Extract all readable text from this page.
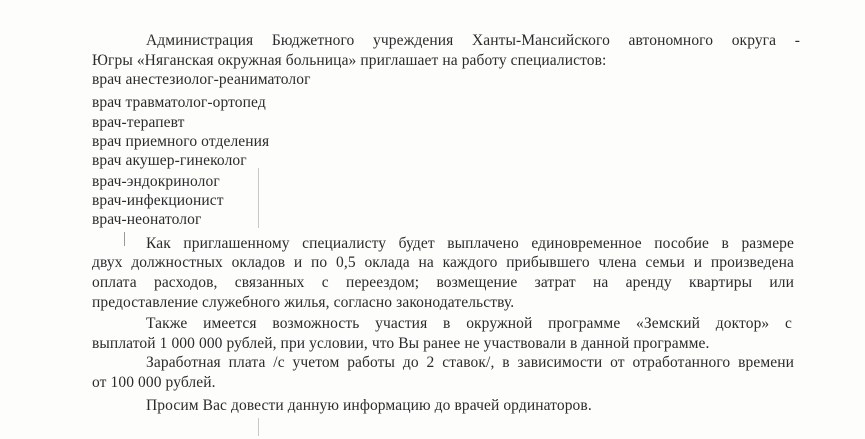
Администрация Бюджетного учреждения Ханты-Мансийского автономного округа -
Югры «Няганская окружная больница» приглашает на работу специалистов:
врач анестезиолог-реаниматолог
врач травматолог-ортопед
врач-терапевт
врач приемного отделения
врач акушер-гинеколог
врач-эндокринолог
врач-инфекционист
врач-неонатолог
Как приглашенному специалисту будет выплачено единовременное пособие в размере
двух должностных окладов и по 0,5 оклада на каждого прибывшего члена семьи и произведена
оплата расходов, связанных с переездом; возмещение затрат на аренду квартиры или
предоставление служебного жилья, согласно законодательству.
Также имеется возможность участия в окружной программе «Земский доктор» с
выплатой 1 000 000 рублей, при условии, что Вы ранее не участвовали в данной программе.
Заработная плата /с учетом работы до 2 ставок/, в зависимости от отработанного времени
от 100 000 рублей.
Просим Вас довести данную информацию до врачей ординаторов.
